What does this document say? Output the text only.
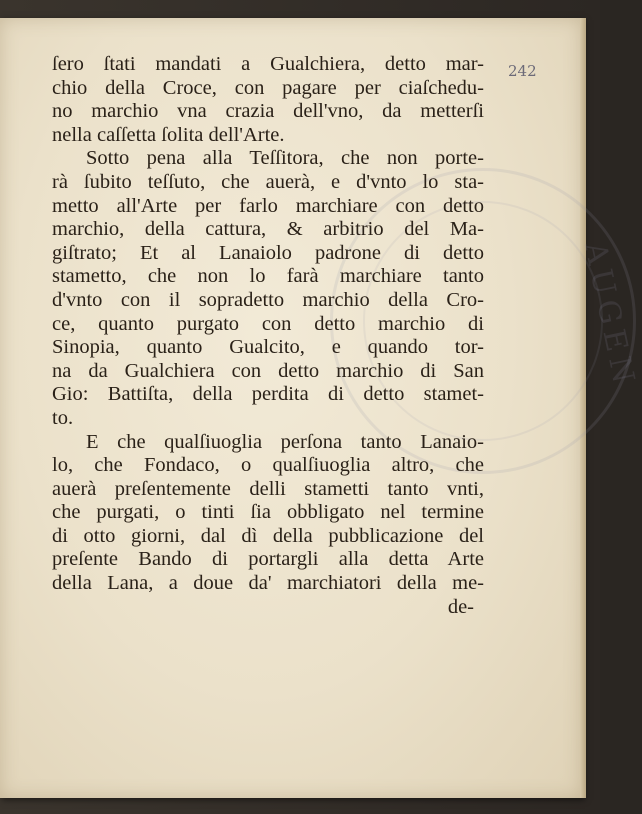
AUGEN
242
ſero ſtati mandati a Gualchiera, detto mar-
chio della Croce, con pagare per ciaſchedu-
no marchio vna crazia dell'vno, da metterſi
nella caſſetta ſolita dell'Arte.
Sotto pena alla Teſſitora, che non porte-
rà ſubito teſſuto, che auerà, e d'vnto lo sta-
metto all'Arte per farlo marchiare con detto
marchio, della cattura, & arbitrio del Ma-
giſtrato; Et al Lanaiolo padrone di detto
stametto, che non lo farà marchiare tanto
d'vnto con il sopradetto marchio della Cro-
ce, quanto purgato con detto marchio di
Sinopia, quanto Gualcito, e quando tor-
na da Gualchiera con detto marchio di San
Gio: Battiſta, della perdita di detto stamet-
to.
E che qualſiuoglia perſona tanto Lanaio-
lo, che Fondaco, o qualſiuoglia altro, che
auerà preſentemente delli stametti tanto vnti,
che purgati, o tinti ſia obbligato nel termine
di otto giorni, dal dì della pubblicazione del
preſente Bando di portargli alla detta Arte
della Lana, a doue da' marchiatori della me-
de-
